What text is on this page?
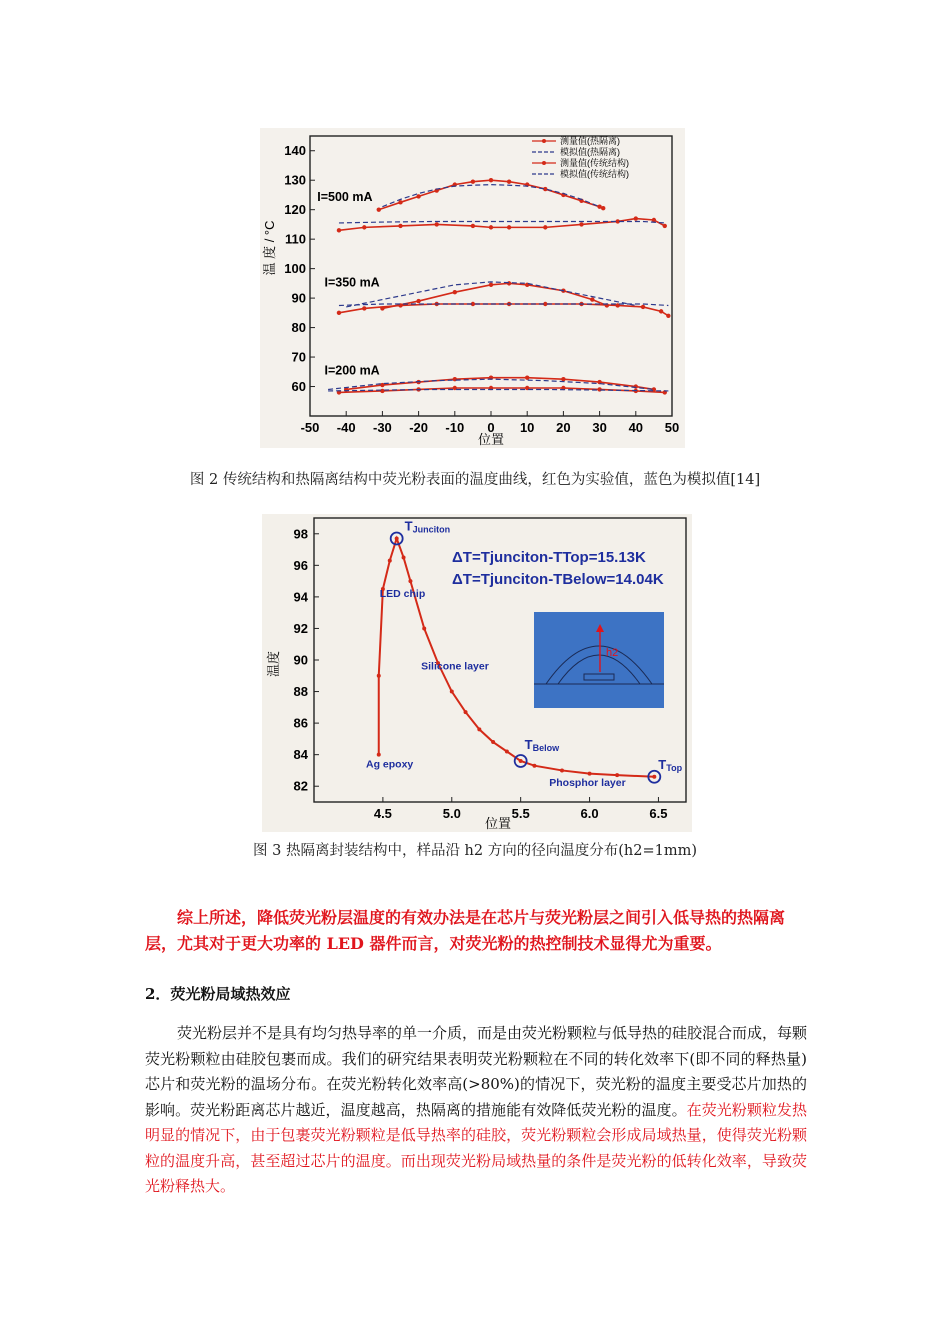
-50 -40 -30 -20 -10 0 10 20 30 40 50
60
70
80
90
100
110
120
130
140
位置
温 度 / °C
I=500 mA
I=350 mA
I=200 mA
测量值(热隔离)
模拟值(热隔离)
测量值(传统结构)
模拟值(传统结构)
图 2 传统结构和热隔离结构中荧光粉表面的温度曲线，红色为实验值，蓝色为模拟值[14]
4.5	5.0	5.5	6.0	6.5
82
84
86
88
90
92
94
96
98
位置
温度
TJunciton
TBelow
TTop
ΔT=Tjunciton-TTop=15.13K
ΔT=Tjunciton-TBelow=14.04K
LED chip
Silicone layer
Ag epoxy
Phosphor layer
h2
图 3 热隔离封装结构中，样品沿 h2 方向的径向温度分布(h2=1mm)

综上所述，降低荧光粉层温度的有效办法是在芯片与荧光粉层之间引入低导热的热隔离层，尤其对于更大功率的 LED 器件而言，对荧光粉的热控制技术显得尤为重要。

2．荧光粉局域热效应

荧光粉层并不是具有均匀热导率的单一介质，而是由荧光粉颗粒与低导热的硅胶混合而成，每颗荧光粉颗粒由硅胶包裹而成。我们的研究结果表明荧光粉颗粒在不同的转化效率下(即不同的释热量)芯片和荧光粉的温场分布。在荧光粉转化效率高(>80%)的情况下，荧光粉的温度主要受芯片加热的影响。荧光粉距离芯片越近，温度越高，热隔离的措施能有效降低荧光粉的温度。在荧光粉颗粒发热明显的情况下，由于包裹荧光粉颗粒是低导热率的硅胶，荧光粉颗粒会形成局域热量，使得荧光粉颗粒的温度升高，甚至超过芯片的温度。而出现荧光粉局域热量的条件是荧光粉的低转化效率，导致荧光粉释热大。
